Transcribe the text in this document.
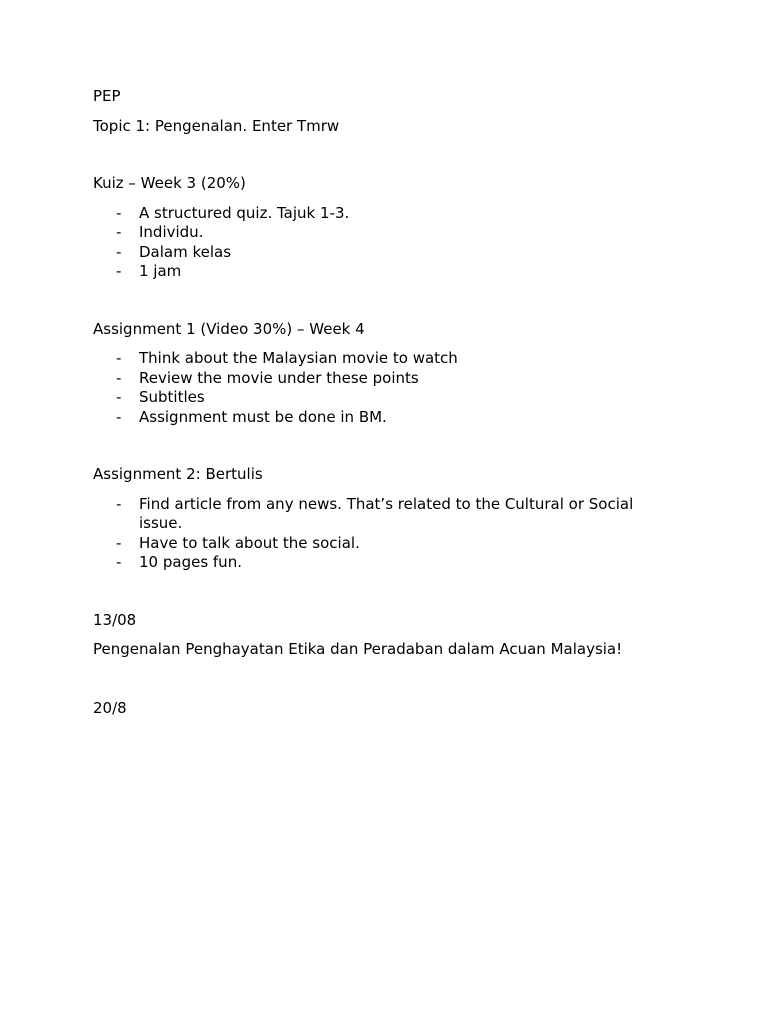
PEP

Topic 1: Pengenalan. Enter Tmrw

Kuiz – Week 3 (20%)

- A structured quiz. Tajuk 1-3.
- Individu.
- Dalam kelas
- 1 jam

Assignment 1 (Video 30%) – Week 4

- Think about the Malaysian movie to watch
- Review the movie under these points
- Subtitles
- Assignment must be done in BM.

Assignment 2: Bertulis

- Find article from any news. That’s related to the Cultural or Social issue.
- Have to talk about the social.
- 10 pages fun.

13/08

Pengenalan Penghayatan Etika dan Peradaban dalam Acuan Malaysia!

20/8
